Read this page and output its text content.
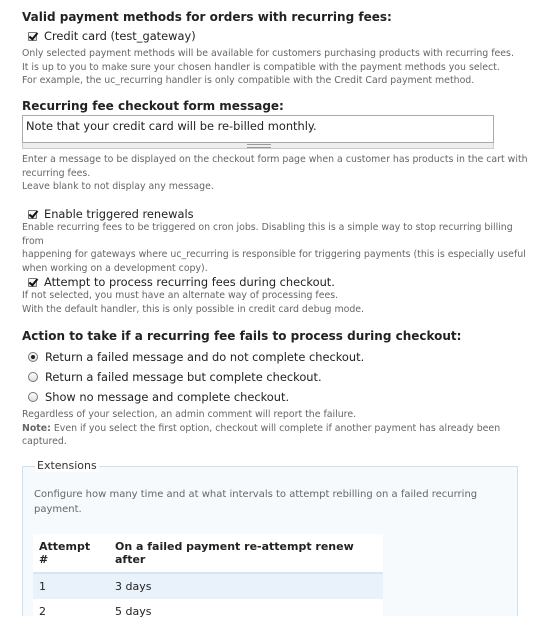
Valid payment methods for orders with recurring fees:
Credit card (test_gateway)
Only selected payment methods will be available for customers purchasing products with recurring fees.
It is up to you to make sure your chosen handler is compatible with the payment methods you select.
For example, the uc_recurring handler is only compatible with the Credit Card payment method.
Recurring fee checkout form message:
Note that your credit card will be re-billed monthly.
Enter a message to be displayed on the checkout form page when a customer has products in the cart with
recurring fees.
Leave blank to not display any message.
Enable triggered renewals
Enable recurring fees to be triggered on cron jobs. Disabling this is a simple way to stop recurring billing from
happening for gateways where uc_recurring is responsible for triggering payments (this is especially useful
when working on a development copy).
Attempt to process recurring fees during checkout.
If not selected, you must have an alternate way of processing fees.
With the default handler, this is only possible in credit card debug mode.
Action to take if a recurring fee fails to process during checkout:
Return a failed message and do not complete checkout.
Return a failed message but complete checkout.
Show no message and complete checkout.
Regardless of your selection, an admin comment will report the failure.
Note: Even if you select the first option, checkout will complete if another payment has already been
captured.
Extensions
Configure how many time and at what intervals to attempt rebilling on a failed recurring
payment.
Attempt #	On a failed payment re-attempt renew after
1	3 days
2	5 days
